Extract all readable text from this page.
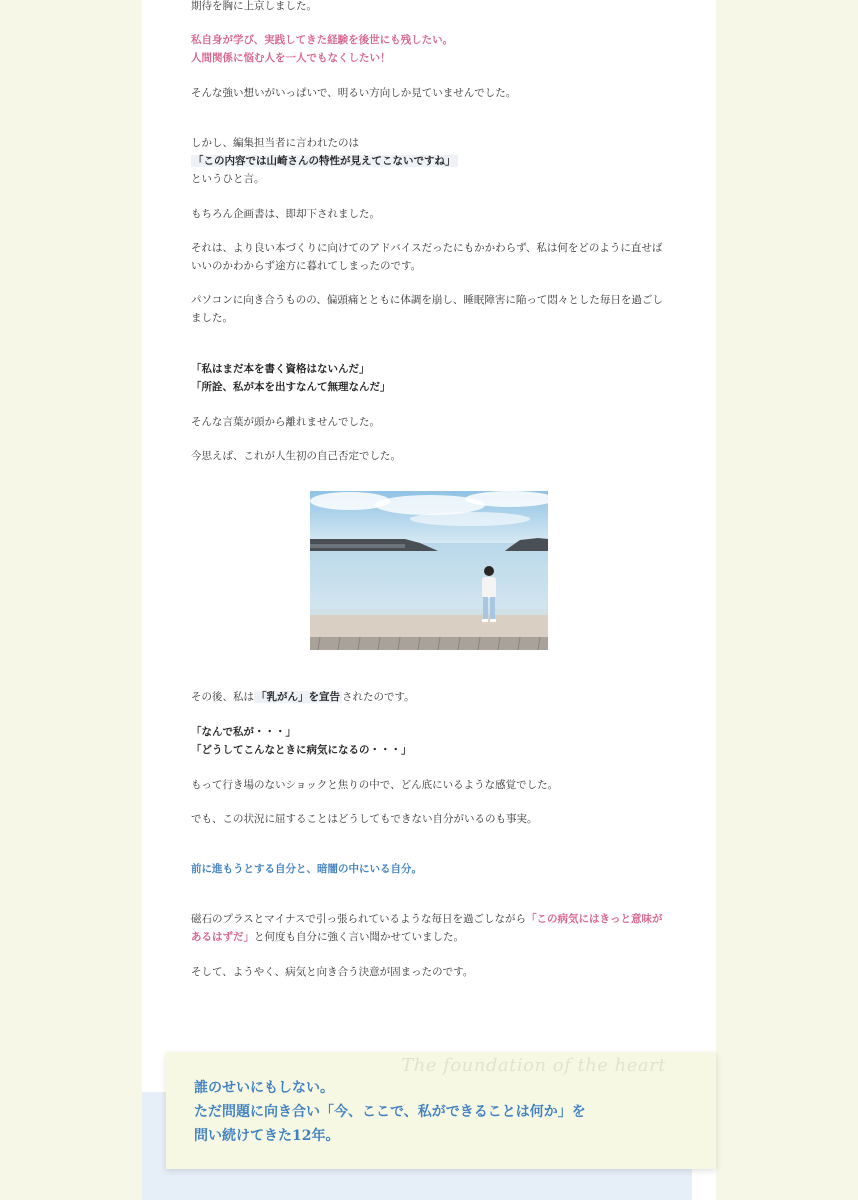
期待を胸に上京しました。

私自身が学び、実践してきた経験を後世にも残したい。

人間関係に悩む人を一人でもなくしたい！

そんな強い想いがいっぱいで、明るい方向しか見ていませんでした。

しかし、編集担当者に言われたのは

「この内容では山崎さんの特性が見えてこないですね」

というひと言。

もちろん企画書は、即却下されました。

それは、より良い本づくりに向けてのアドバイスだったにもかかわらず、私は何をどのように直せばいいのかわからず途方に暮れてしまったのです。

パソコンに向き合うものの、偏頭痛とともに体調を崩し、睡眠障害に陥って悶々とした毎日を過ごしました。

「私はまだ本を書く資格はないんだ」

「所詮、私が本を出すなんて無理なんだ」

そんな言葉が頭から離れませんでした。

今思えば、これが人生初の自己否定でした。

その後、私は 「乳がん」を宣告 されたのです。

「なんで私が・・・」

「どうしてこんなときに病気になるの・・・」

もって行き場のないショックと焦りの中で、どん底にいるような感覚でした。

でも、この状況に屈することはどうしてもできない自分がいるのも事実。

前に進もうとする自分と、暗闇の中にいる自分。

磁石のプラスとマイナスで引っ張られているような毎日を過ごしながら「この病気にはきっと意味があるはずだ」と何度も自分に強く言い聞かせていました。

そして、ようやく、病気と向き合う決意が固まったのです。

The foundation of the heart
誰のせいにもしない。
ただ問題に向き合い「今、ここで、私ができることは何か」を
問い続けてきた12年。
